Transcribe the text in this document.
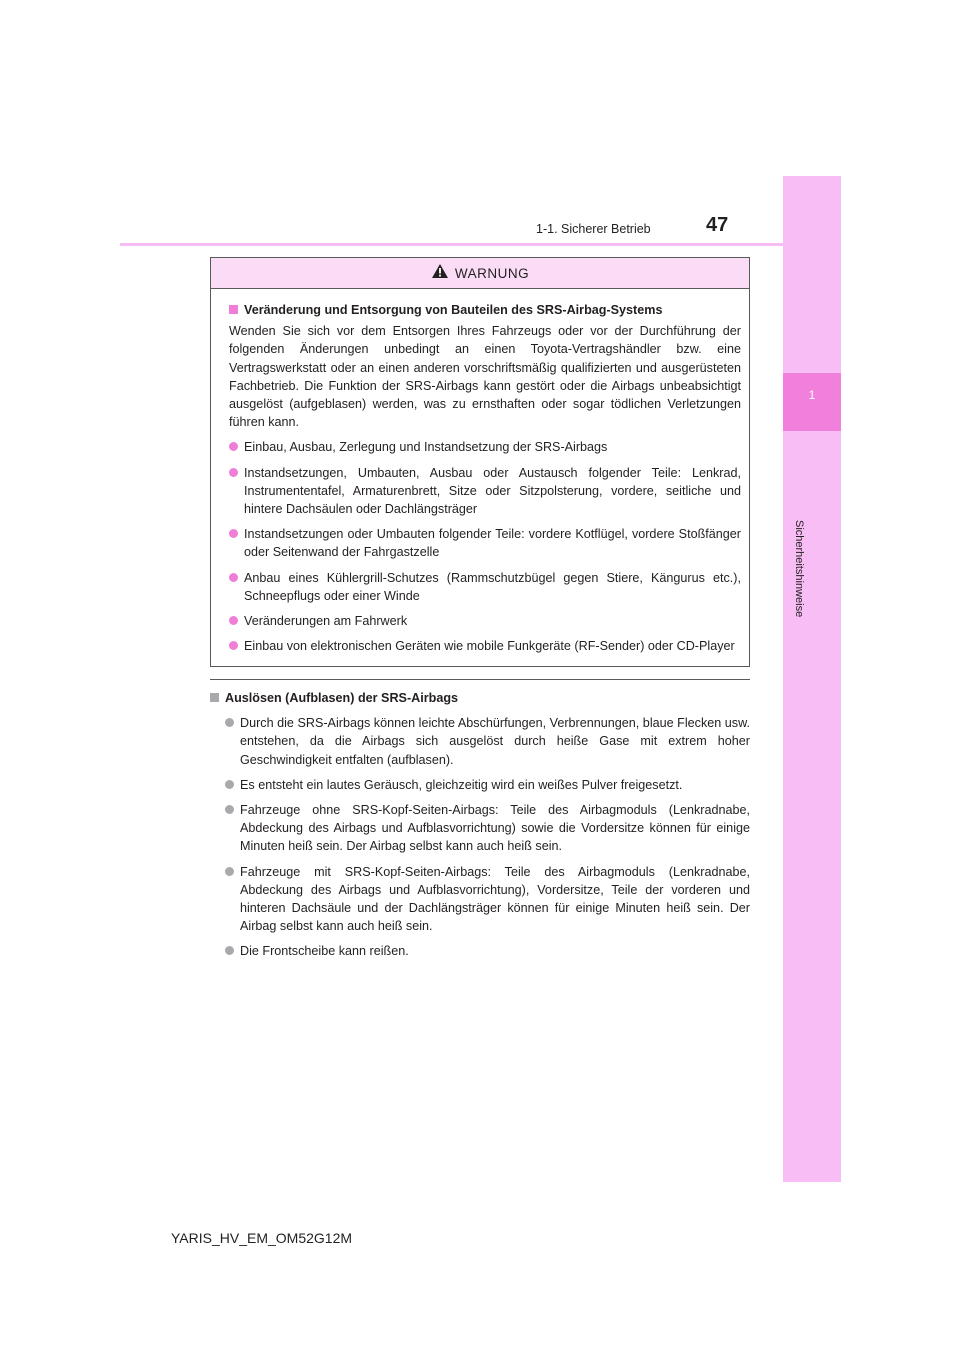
1
Sicherheitshinweise
1-1. Sicherer Betrieb	47
WARNUNG
Veränderung und Entsorgung von Bauteilen des SRS-Airbag-Systems
Wenden Sie sich vor dem Entsorgen Ihres Fahrzeugs oder vor der Durchführung der folgenden Änderungen unbedingt an einen Toyota-Vertragshändler bzw. eine Vertragswerkstatt oder an einen anderen vorschriftsmäßig qualifizierten und ausgerüsteten Fachbetrieb. Die Funktion der SRS-Airbags kann gestört oder die Airbags unbeabsichtigt ausgelöst (aufgeblasen) werden, was zu ernsthaften oder sogar tödlichen Verletzungen führen kann.
Einbau, Ausbau, Zerlegung und Instandsetzung der SRS-Airbags
Instandsetzungen, Umbauten, Ausbau oder Austausch folgender Teile: Lenkrad, Instrumententafel, Armaturenbrett, Sitze oder Sitzpolsterung, vordere, seitliche und hintere Dachsäulen oder Dachlängsträger
Instandsetzungen oder Umbauten folgender Teile: vordere Kotflügel, vordere Stoßfänger oder Seitenwand der Fahrgastzelle
Anbau eines Kühlergrill-Schutzes (Rammschutzbügel gegen Stiere, Kängurus etc.), Schneepflugs oder einer Winde
Veränderungen am Fahrwerk
Einbau von elektronischen Geräten wie mobile Funkgeräte (RF-Sender) oder CD-Player
Auslösen (Aufblasen) der SRS-Airbags
Durch die SRS-Airbags können leichte Abschürfungen, Verbrennungen, blaue Flecken usw. entstehen, da die Airbags sich ausgelöst durch heiße Gase mit extrem hoher Geschwindigkeit entfalten (aufblasen).
Es entsteht ein lautes Geräusch, gleichzeitig wird ein weißes Pulver freigesetzt.
Fahrzeuge ohne SRS-Kopf-Seiten-Airbags: Teile des Airbagmoduls (Lenkradnabe, Abdeckung des Airbags und Aufblasvorrichtung) sowie die Vordersitze können für einige Minuten heiß sein. Der Airbag selbst kann auch heiß sein.
Fahrzeuge mit SRS-Kopf-Seiten-Airbags: Teile des Airbagmoduls (Lenkradnabe, Abdeckung des Airbags und Aufblasvorrichtung), Vordersitze, Teile der vorderen und hinteren Dachsäule und der Dachlängsträger können für einige Minuten heiß sein. Der Airbag selbst kann auch heiß sein.
Die Frontscheibe kann reißen.
YARIS_HV_EM_OM52G12M
